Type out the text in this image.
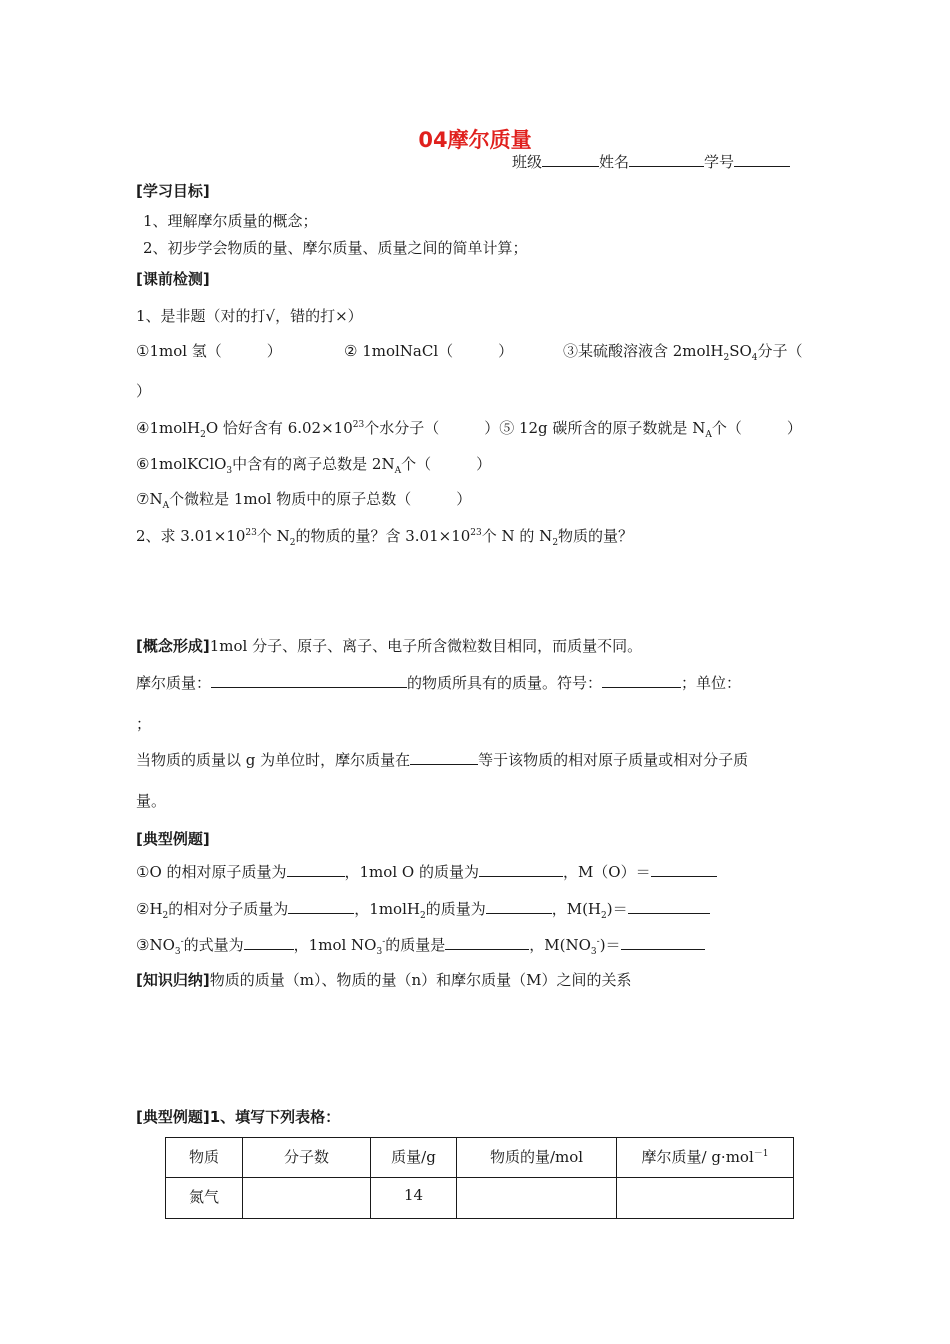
04摩尔质量
班级	姓名	学号
[学习目标]
1、理解摩尔质量的概念；
2、初步学会物质的量、摩尔质量、质量之间的简单计算；
[课前检测]
1、是非题（对的打√，错的打×）
①1mol 氢（　　　）	② 1molNaCl（　　　）	③某硫酸溶液含 $2molH_2SO_4$分子（
）
④1molH$_2$O 恰好含有 $6.02\times 10^{23}$个水分子（　　　）⑤ 12g 碳所含的原子数就是 $N_A$个（　　　）
⑥1molKClO$_3$中含有的离子总数是 $2N_A$个（　　　）
$⑦N_A$个微粒是 1mol 物质中的原子总数（　　　）
2、求 $3.01\times 10^{23}$个 $N_2$的物质的量？含 $3.01\times 10^{23}$个 N 的 $N_2$物质的量？
[概念形成]1mol 分子、原子、离子、电子所含微粒数目相同，而质量不同。
摩尔质量：	的物质所具有的质量。符号：	；单位：
；
当物质的质量以 g 为单位时，摩尔质量在	等于该物质的相对原子质量或相对分子质
量。
[典型例题]
①O 的相对原子质量为	，1mol O 的质量为	，M（O）＝
$②H_2$的相对分子质量为	，1molH$_2$的质量为	，$M(H_2)=$
$③NO_3^-$的式量为	，1mol $NO_3^-$的质量是	，$M(NO_3^-)=$
[知识归纳]物质的质量（m）、物质的量（n）和摩尔质量（M）之间的关系
[典型例题]1、填写下列表格：
物质	分子数	质量/g	物质的量/mol	摩尔质量/ g·mol$^{-1}$
氮气		14		
